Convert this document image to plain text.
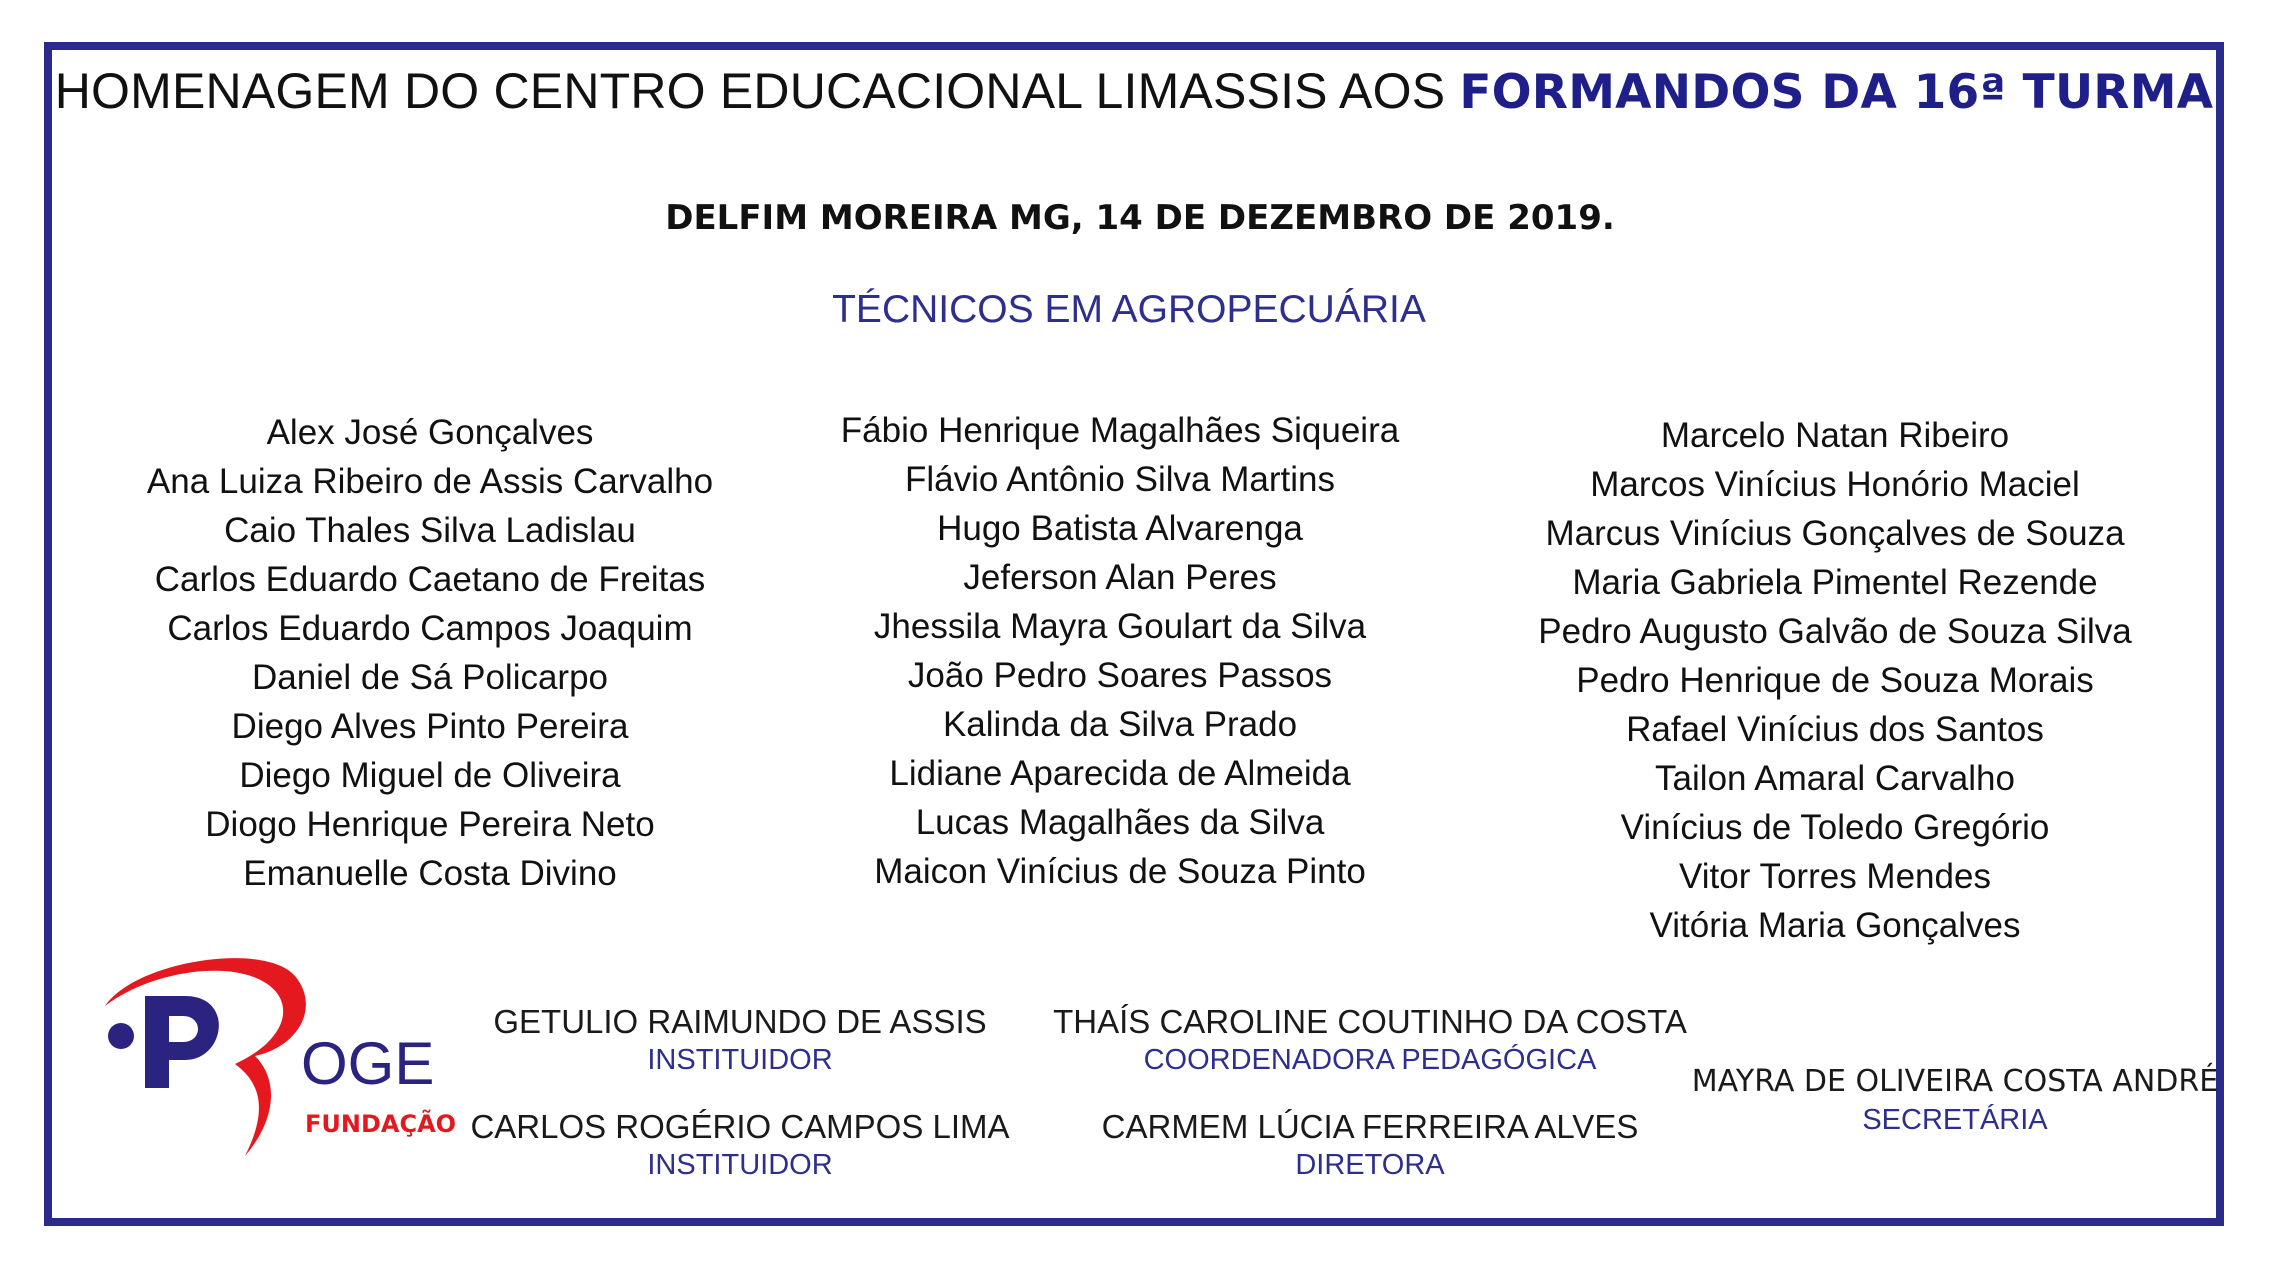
HOMENAGEM DO CENTRO EDUCACIONAL LIMASSIS AOS FORMANDOS DA 16ª TURMA
DELFIM MOREIRA MG, 14 DE DEZEMBRO DE 2019.
TÉCNICOS EM AGROPECUÁRIA
Alex José Gonçalves
Ana Luiza Ribeiro de Assis Carvalho
Caio Thales Silva Ladislau
Carlos Eduardo Caetano de Freitas
Carlos Eduardo Campos Joaquim
Daniel de Sá Policarpo
Diego Alves Pinto Pereira
Diego Miguel de Oliveira
Diogo Henrique Pereira Neto
Emanuelle Costa Divino
Fábio Henrique Magalhães Siqueira
Flávio Antônio Silva Martins
Hugo Batista Alvarenga
Jeferson Alan Peres
Jhessila Mayra Goulart da Silva
João Pedro Soares Passos
Kalinda da Silva Prado
Lidiane Aparecida de Almeida
Lucas Magalhães da Silva
Maicon Vinícius de Souza Pinto
Marcelo Natan Ribeiro
Marcos Vinícius Honório Maciel
Marcus Vinícius Gonçalves de Souza
Maria Gabriela Pimentel Rezende
Pedro Augusto Galvão de Souza Silva
Pedro Henrique de Souza Morais
Rafael Vinícius dos Santos
Tailon Amaral Carvalho
Vinícius de Toledo Gregório
Vitor Torres Mendes
Vitória Maria Gonçalves
OGE
FUNDAÇÃO
GETULIO RAIMUNDO DE ASSIS
INSTITUIDOR
CARLOS ROGÉRIO CAMPOS LIMA
INSTITUIDOR
THAÍS CAROLINE COUTINHO DA COSTA
COORDENADORA PEDAGÓGICA
CARMEM LÚCIA FERREIRA ALVES
DIRETORA
MAYRA DE OLIVEIRA COSTA ANDRÉ
SECRETÁRIA
